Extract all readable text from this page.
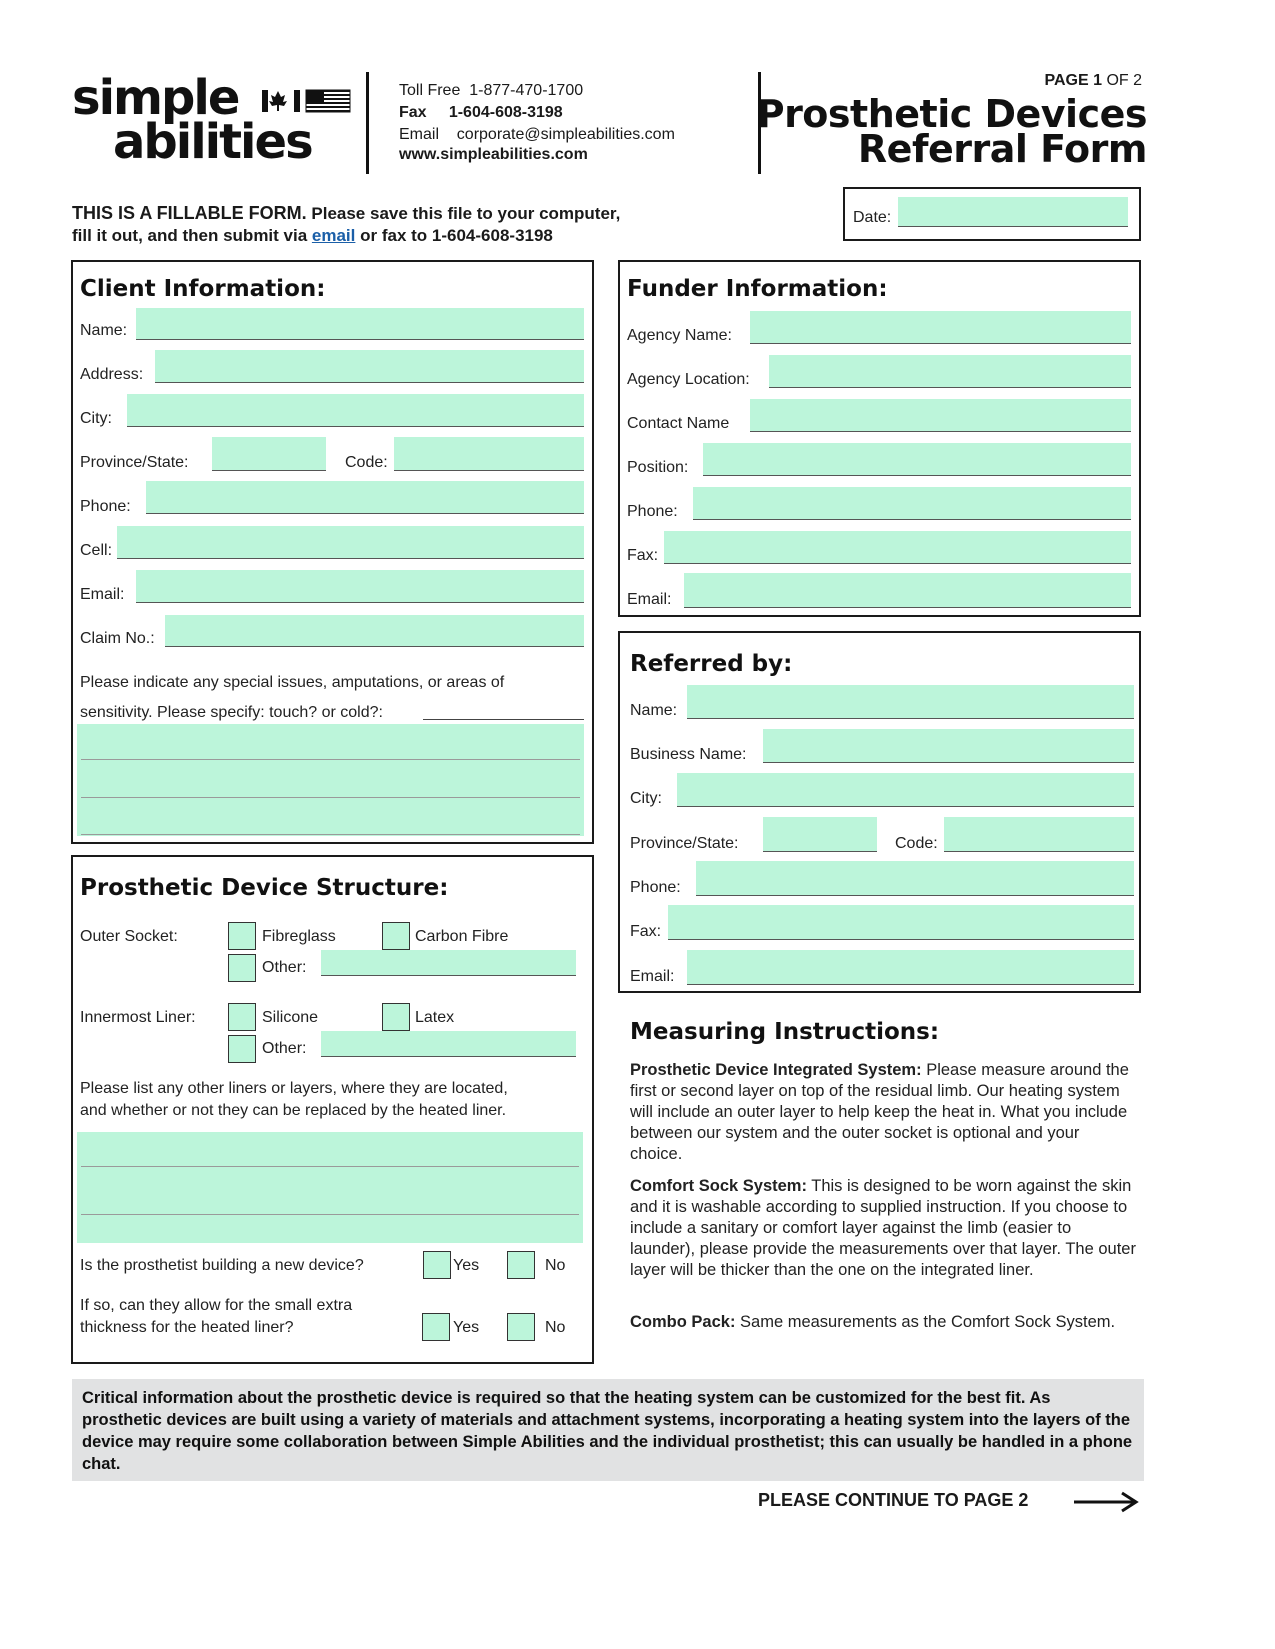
simple
abilities
Toll Free 1-877-470-1700
Fax 1-604-608-3198
Email corporate@simpleabilities.com
www.simpleabilities.com
PAGE 1 OF 2
Prosthetic Devices
Referral Form
THIS IS A FILLABLE FORM. Please save this file to your computer,
fill it out, and then submit via email or fax to 1-604-608-3198
Date:
Client Information:
Name:
Address:
City:
Province/State:	Code:
Phone:
Cell:
Email:
Claim No.:
Please indicate any special issues, amputations, or areas of
sensitivity. Please specify: touch? or cold?:
Funder Information:
Agency Name:
Agency Location:
Contact Name
Position:
Phone:
Fax:
Email:
Referred by:
Name:
Business Name:
City:
Province/State:	Code:
Phone:
Fax:
Email:
Prosthetic Device Structure:
Outer Socket:	Fibreglass	Carbon Fibre
Other:
Innermost Liner:	Silicone	Latex
Other:
Please list any other liners or layers, where they are located,
and whether or not they can be replaced by the heated liner.
Is the prosthetist building a new device?	Yes	No
If so, can they allow for the small extra
thickness for the heated liner?	Yes	No
Measuring Instructions:
Prosthetic Device Integrated System: Please measure around the first or second layer on top of the residual limb. Our heating system will include an outer layer to help keep the heat in. What you include between our system and the outer socket is optional and your choice.
Comfort Sock System: This is designed to be worn against the skin and it is washable according to supplied instruction. If you choose to include a sanitary or comfort layer against the limb (easier to launder), please provide the measurements over that layer. The outer layer will be thicker than the one on the integrated liner.
Combo Pack: Same measurements as the Comfort Sock System.
Critical information about the prosthetic device is required so that the heating system can be customized for the best fit. As prosthetic devices are built using a variety of materials and attachment systems, incorporating a heating system into the layers of the device may require some collaboration between Simple Abilities and the individual prosthetist; this can usually be handled in a phone chat.
PLEASE CONTINUE TO PAGE 2
